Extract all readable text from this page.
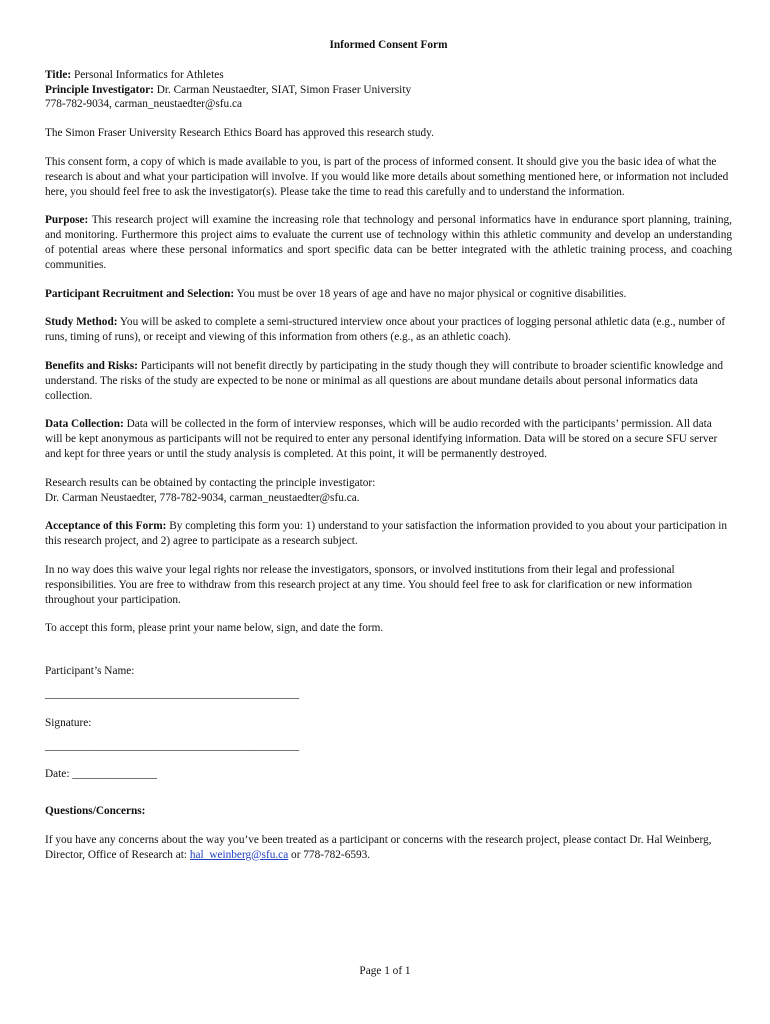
Informed Consent Form
Title: Personal Informatics for Athletes
Principle Investigator: Dr. Carman Neustaedter, SIAT, Simon Fraser University
778-782-9034, carman_neustaedter@sfu.ca

The Simon Fraser University Research Ethics Board has approved this research study.

This consent form, a copy of which is made available to you, is part of the process of informed consent. It should give you the basic idea of what the research is about and what your participation will involve. If you would like more details about something mentioned here, or information not included here, you should feel free to ask the investigator(s). Please take the time to read this carefully and to understand the information.

Purpose: This research project will examine the increasing role that technology and personal informatics have in endurance sport planning, training, and monitoring. Furthermore this project aims to evaluate the current use of technology within this athletic community and develop an understanding of potential areas where these personal informatics and sport specific data can be better integrated with the athletic training process, and coaching communities.

Participant Recruitment and Selection: You must be over 18 years of age and have no major physical or cognitive disabilities.

Study Method: You will be asked to complete a semi-structured interview once about your practices of logging personal athletic data (e.g., number of runs, timing of runs), or receipt and viewing of this information from others (e.g., as an athletic coach).

Benefits and Risks: Participants will not benefit directly by participating in the study though they will contribute to broader scientific knowledge and understand. The risks of the study are expected to be none or minimal as all questions are about mundane details about personal informatics data collection.

Data Collection: Data will be collected in the form of interview responses, which will be audio recorded with the participants’ permission. All data will be kept anonymous as participants will not be required to enter any personal identifying information. Data will be stored on a secure SFU server and kept for three years or until the study analysis is completed. At this point, it will be permanently destroyed.

Research results can be obtained by contacting the principle investigator:
Dr. Carman Neustaedter, 778-782-9034, carman_neustaedter@sfu.ca.

Acceptance of this Form: By completing this form you: 1) understand to your satisfaction the information provided to you about your participation in this research project, and 2) agree to participate as a research subject.

In no way does this waive your legal rights nor release the investigators, sponsors, or involved institutions from their legal and professional responsibilities. You are free to withdraw from this research project at any time. You should feel free to ask for clarification or new information throughout your participation.

To accept this form, please print your name below, sign, and date the form.

Participant’s Name:
_____________________________________________
Signature:
_____________________________________________
Date: _______________
Questions/Concerns:

If you have any concerns about the way you’ve been treated as a participant or concerns with the research project, please contact Dr. Hal Weinberg, Director, Office of Research at: hal_weinberg@sfu.ca or 778-782-6593.

Page 1 of 1
